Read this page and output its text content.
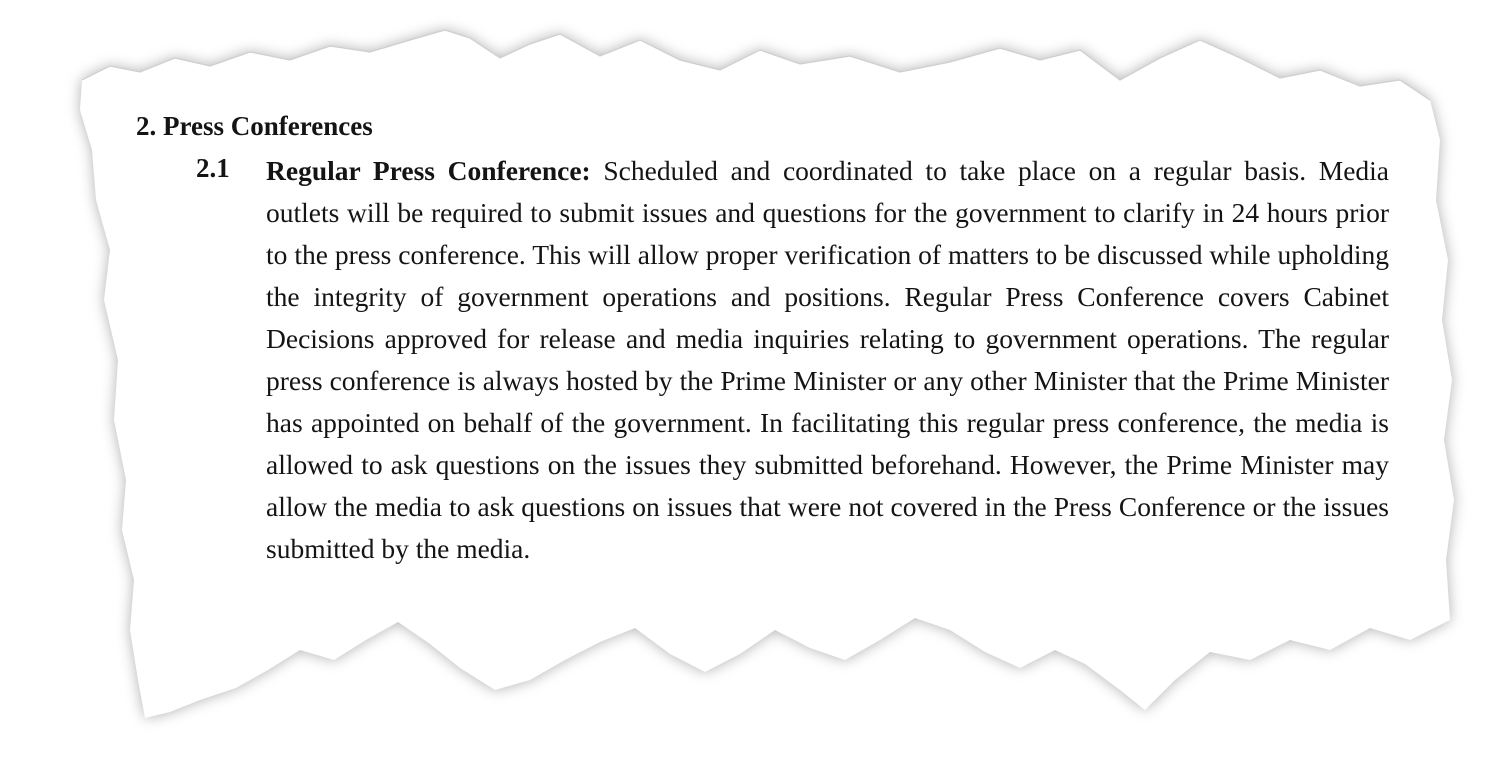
2. Press Conferences
2.1 Regular Press Conference: Scheduled and coordinated to take place on a regular basis. Media outlets will be required to submit issues and questions for the government to clarify in 24 hours prior to the press conference. This will allow proper verification of matters to be discussed while upholding the integrity of government operations and positions. Regular Press Conference covers Cabinet Decisions approved for release and media inquiries relating to government operations. The regular press conference is always hosted by the Prime Minister or any other Minister that the Prime Minister has appointed on behalf of the government. In facilitating this regular press conference, the media is allowed to ask questions on the issues they submitted beforehand. However, the Prime Minister may allow the media to ask questions on issues that were not covered in the Press Conference or the issues submitted by the media.
